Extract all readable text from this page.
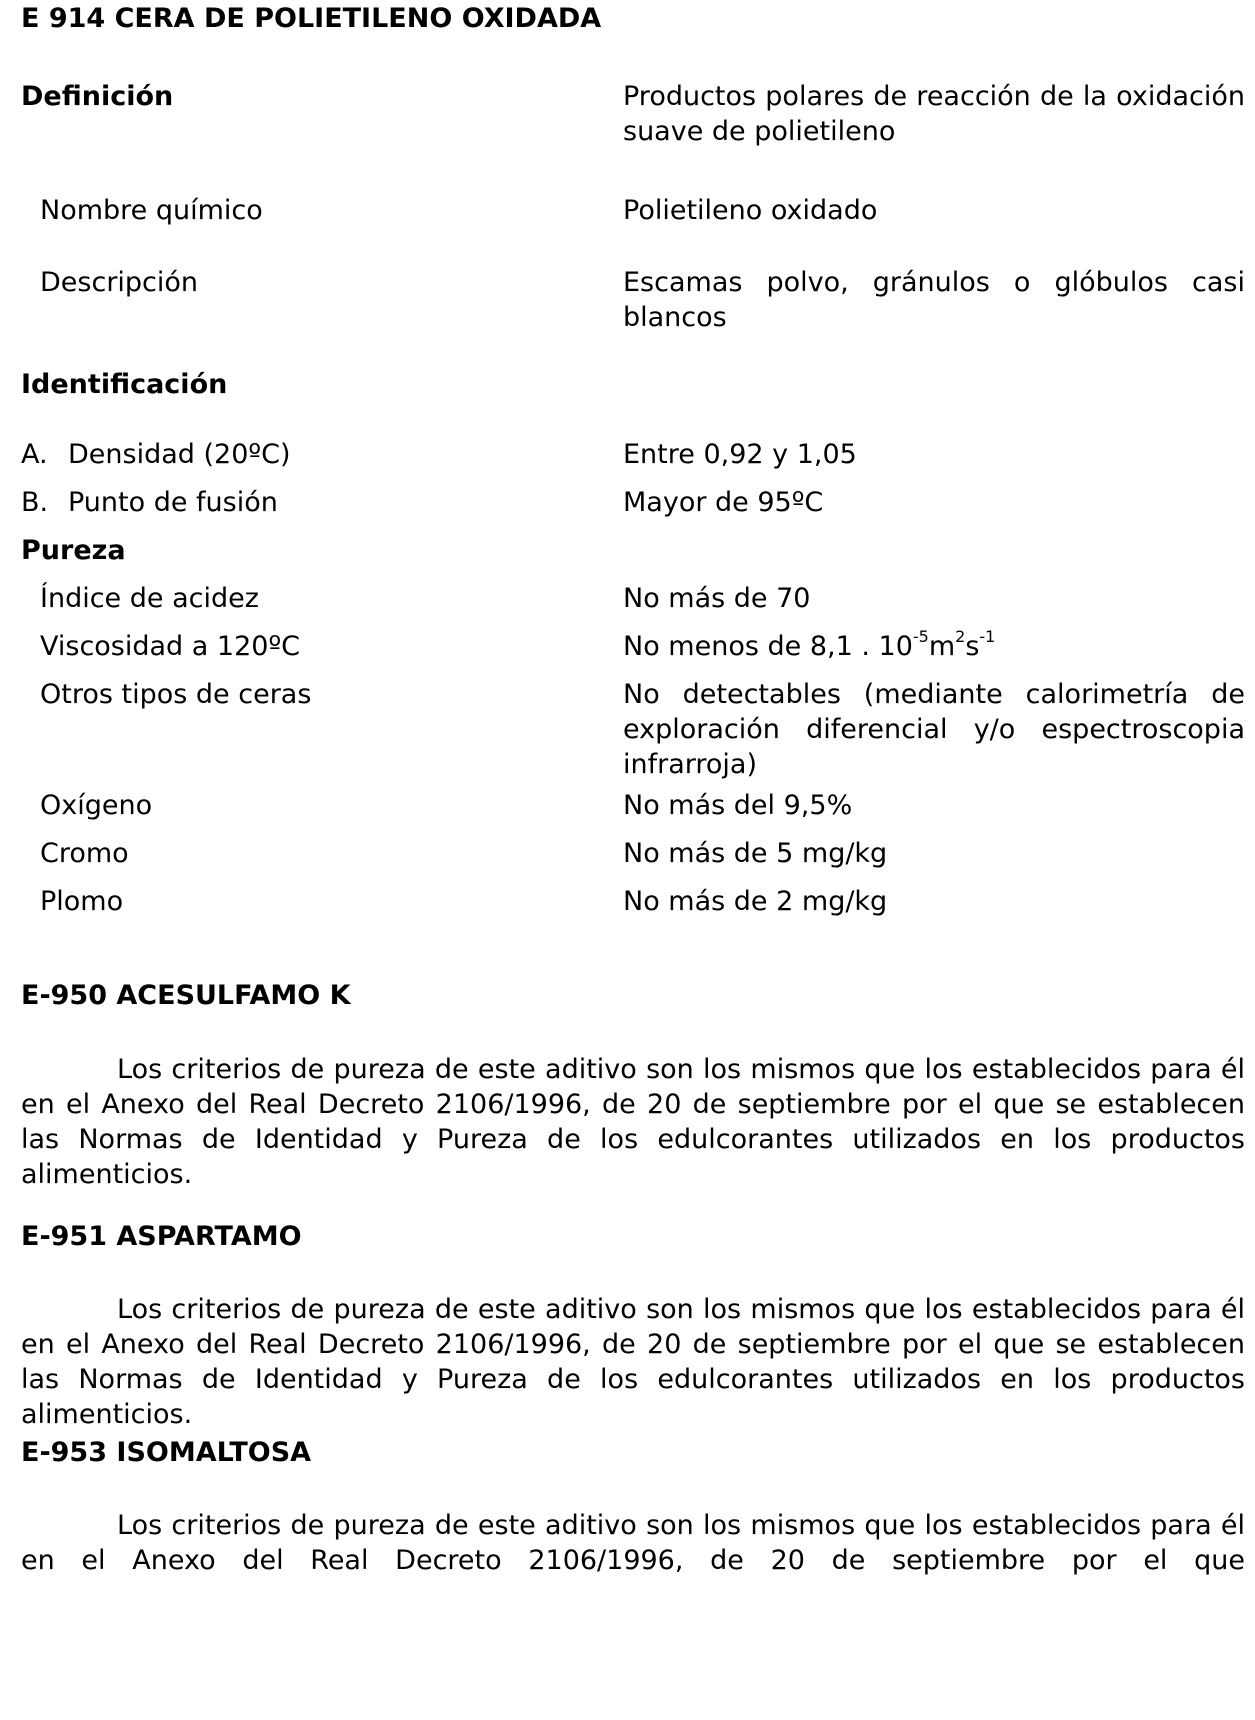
E 914 CERA DE POLIETILENO OXIDADA
Definición	Productos polares de reacción de la oxidación suave de polietileno
Nombre químico	Polietileno oxidado
Descripción	Escamas polvo, gránulos o glóbulos casi blancos
Identificación
A. Densidad (20ºC)	Entre 0,92 y 1,05
B. Punto de fusión	Mayor de 95ºC
Pureza
Índice de acidez	No más de 70
Viscosidad a 120ºC	No menos de 8,1 . $10^{-5}m^2s^{-1}$
Otros tipos de ceras	No detectables (mediante calorimetría de exploración diferencial y/o espectroscopia infrarroja)
Oxígeno	No más del 9,5%
Cromo	No más de 5 mg/kg
Plomo	No más de 2 mg/kg
E-950 ACESULFAMO K
Los criterios de pureza de este aditivo son los mismos que los establecidos para él en el Anexo del Real Decreto 2106/1996, de 20 de septiembre por el que se establecen las Normas de Identidad y Pureza de los edulcorantes utilizados en los productos alimenticios.
E-951 ASPARTAMO
Los criterios de pureza de este aditivo son los mismos que los establecidos para él en el Anexo del Real Decreto 2106/1996, de 20 de septiembre por el que se establecen las Normas de Identidad y Pureza de los edulcorantes utilizados en los productos alimenticios.
E-953 ISOMALTOSA
Los criterios de pureza de este aditivo son los mismos que los establecidos para él en el Anexo del Real Decreto 2106/1996, de 20 de septiembre por el que
